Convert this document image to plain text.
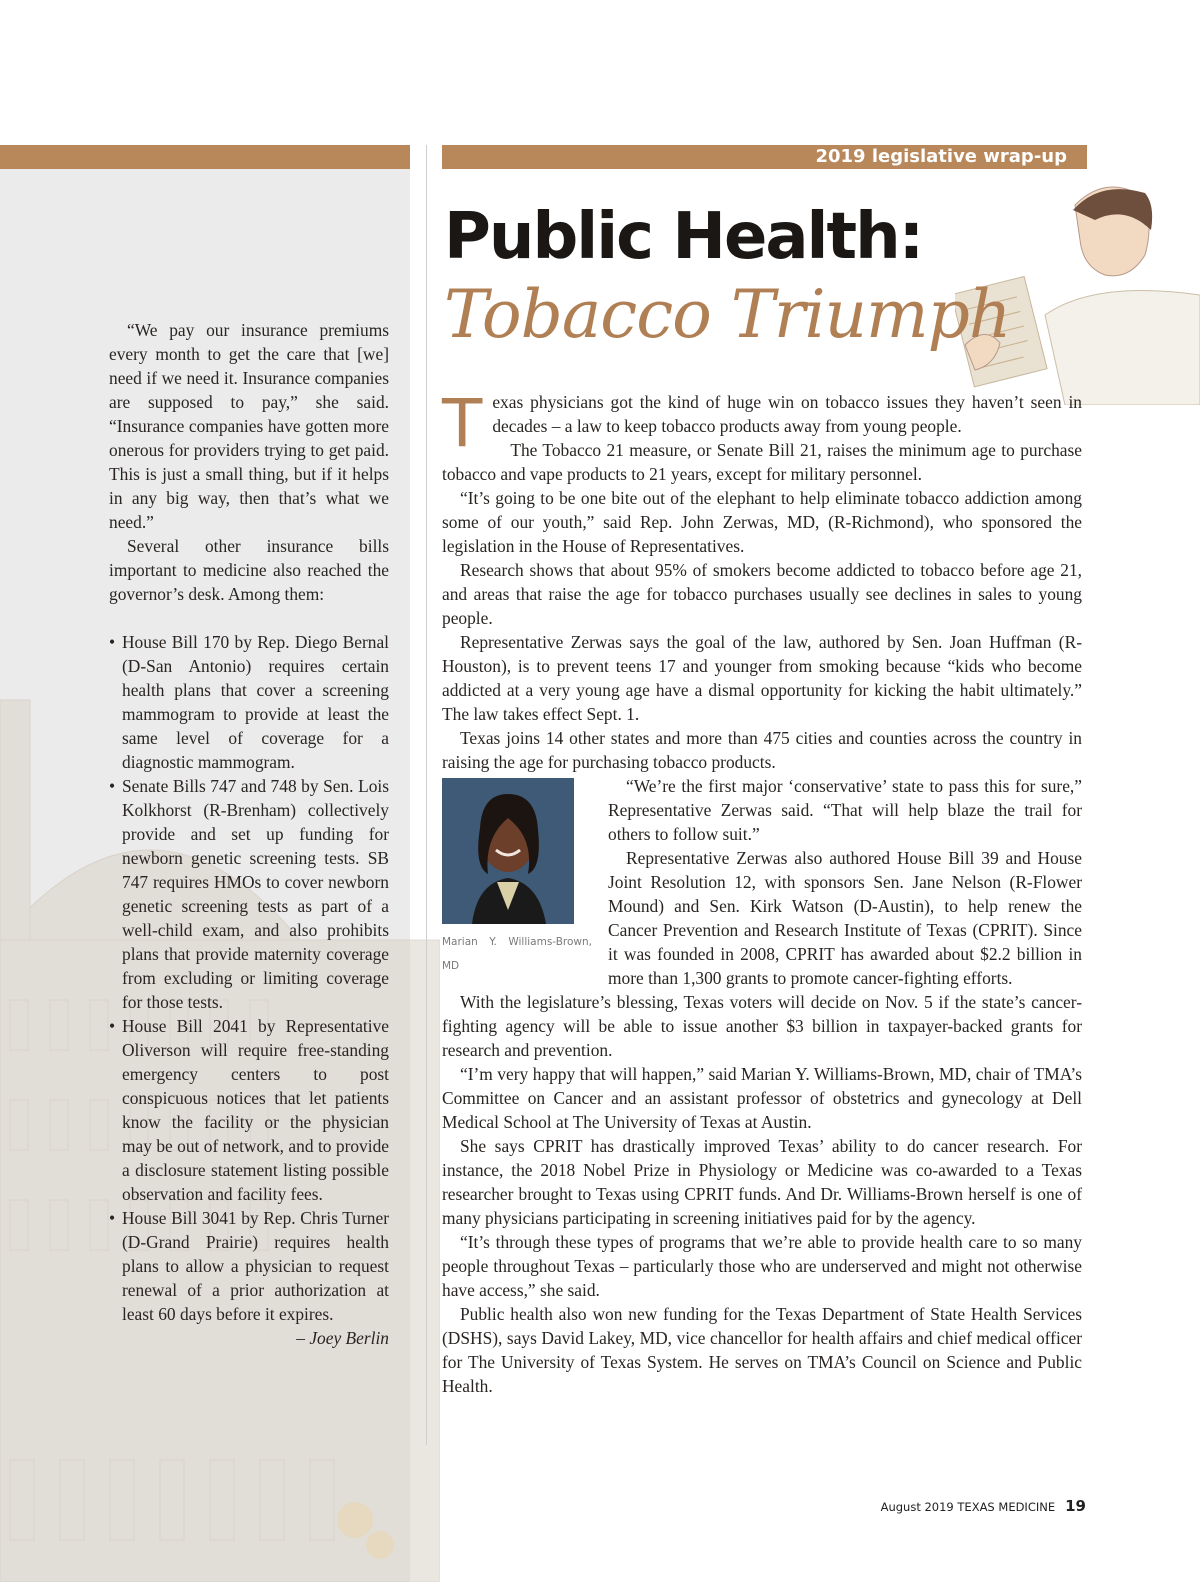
2019 legislative wrap-up
Public Health:
Tobacco Triumph

“We pay our insurance premiums every month to get the care that [we] need if we need it. Insurance companies are supposed to pay,” she said. “Insurance companies have gotten more onerous for providers trying to get paid. This is just a small thing, but if it helps in any big way, then that’s what we need.”

Several other insurance bills important to medicine also reached the governor’s desk. Among them:

• House Bill 170 by Rep. Diego Bernal (D-San Antonio) requires certain health plans that cover a screening mammogram to provide at least the same level of coverage for a diagnostic mammogram.
• Senate Bills 747 and 748 by Sen. Lois Kolkhorst (R-Brenham) collectively provide and set up funding for newborn genetic screening tests. SB 747 requires HMOs to cover newborn genetic screening tests as part of a well-child exam, and also prohibits plans that provide maternity coverage from excluding or limiting coverage for those tests.
• House Bill 2041 by Representative Oliverson will require free-standing emergency centers to post conspicuous notices that let patients know the facility or the physician may be out of network, and to provide a disclosure statement listing possible observation and facility fees.
• House Bill 3041 by Rep. Chris Turner (D-Grand Prairie) requires health plans to allow a physician to request renewal of a prior authorization at least 60 days before it expires.
– Joey Berlin

Texas physicians got the kind of huge win on tobacco issues they haven’t seen in decades – a law to keep tobacco products away from young people.

The Tobacco 21 measure, or Senate Bill 21, raises the minimum age to purchase tobacco and vape products to 21 years, except for military personnel.

“It’s going to be one bite out of the elephant to help eliminate tobacco addiction among some of our youth,” said Rep. John Zerwas, MD, (R-Richmond), who sponsored the legislation in the House of Representatives.

Research shows that about 95% of smokers become addicted to tobacco before age 21, and areas that raise the age for tobacco purchases usually see declines in sales to young people.

Representative Zerwas says the goal of the law, authored by Sen. Joan Huffman (R-Houston), is to prevent teens 17 and younger from smoking because “kids who become addicted at a very young age have a dismal opportunity for kicking the habit ultimately.” The law takes effect Sept. 1.

Texas joins 14 other states and more than 475 cities and counties across the country in raising the age for purchasing tobacco products.

Marian Y. Williams-Brown, MD

“We’re the first major ‘conservative’ state to pass this for sure,” Representative Zerwas said. “That will help blaze the trail for others to follow suit.”

Representative Zerwas also authored House Bill 39 and House Joint Resolution 12, with sponsors Sen. Jane Nelson (R-Flower Mound) and Sen. Kirk Watson (D-Austin), to help renew the Cancer Prevention and Research Institute of Texas (CPRIT). Since it was founded in 2008, CPRIT has awarded about $2.2 billion in more than 1,300 grants to promote cancer-fighting efforts.

With the legislature’s blessing, Texas voters will decide on Nov. 5 if the state’s cancer-fighting agency will be able to issue another $3 billion in taxpayer-backed grants for research and prevention.

“I’m very happy that will happen,” said Marian Y. Williams-Brown, MD, chair of TMA’s Committee on Cancer and an assistant professor of obstetrics and gynecology at Dell Medical School at The University of Texas at Austin.

She says CPRIT has drastically improved Texas’ ability to do cancer research. For instance, the 2018 Nobel Prize in Physiology or Medicine was co-awarded to a Texas researcher brought to Texas using CPRIT funds. And Dr. Williams-Brown herself is one of many physicians participating in screening initiatives paid for by the agency.

“It’s through these types of programs that we’re able to provide health care to so many people throughout Texas – particularly those who are underserved and might not otherwise have access,” she said.

Public health also won new funding for the Texas Department of State Health Services (DSHS), says David Lakey, MD, vice chancellor for health affairs and chief medical officer for The University of Texas System. He serves on TMA’s Council on Science and Public Health.

August 2019 TEXAS MEDICINE 19
